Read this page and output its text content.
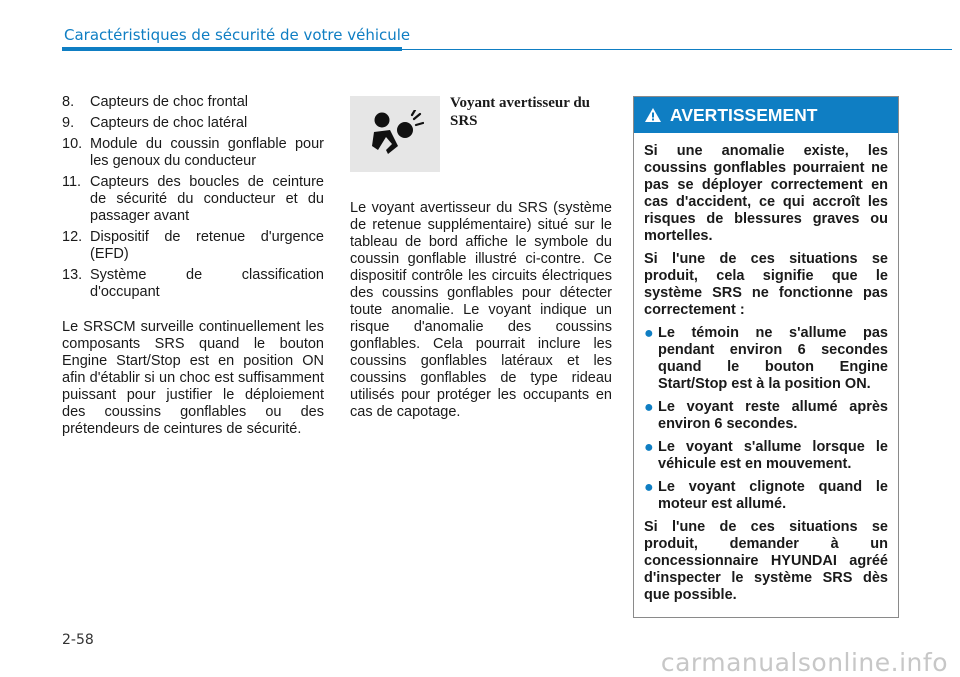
Caractéristiques de sécurité de votre véhicule
8.	Capteurs de choc frontal
9.	Capteurs de choc latéral
10. Module du coussin gonflable pour les genoux du conducteur
11. Capteurs des boucles de ceinture de sécurité du conducteur et du passager avant
12. Dispositif de retenue d'urgence (EFD)
13. Système de classification d'occupant
Le SRSCM surveille continuellement les composants SRS quand le bouton Engine Start/Stop est en position ON afin d'établir si un choc est suffisamment puissant pour justifier le déploiement des coussins gonflables ou des prétendeurs de ceintures de sécurité.
Voyant avertisseur du SRS
Le voyant avertisseur du SRS (système de retenue supplémentaire) situé sur le tableau de bord affiche le symbole du coussin gonflable illustré ci-contre. Ce dispositif contrôle les circuits électriques des coussins gonflables pour détecter toute anomalie. Le voyant indique un risque d'anomalie des coussins gonflables. Cela pourrait inclure les coussins gonflables latéraux et les coussins gonflables de type rideau utilisés pour protéger les occupants en cas de capotage.
AVERTISSEMENT
Si une anomalie existe, les coussins gonflables pourraient ne pas se déployer correctement en cas d'accident, ce qui accroît les risques de blessures graves ou mortelles.
Si l'une de ces situations se produit, cela signifie que le système SRS ne fonctionne pas correctement :
● Le témoin ne s'allume pas pendant environ 6 secondes quand le bouton Engine Start/Stop est à la position ON.
● Le voyant reste allumé après environ 6 secondes.
● Le voyant s'allume lorsque le véhicule est en mouvement.
● Le voyant clignote quand le moteur est allumé.
Si l'une de ces situations se produit, demander à un concessionnaire HYUNDAI agréé d'inspecter le système SRS dès que possible.
2-58
carmanualsonline.info
